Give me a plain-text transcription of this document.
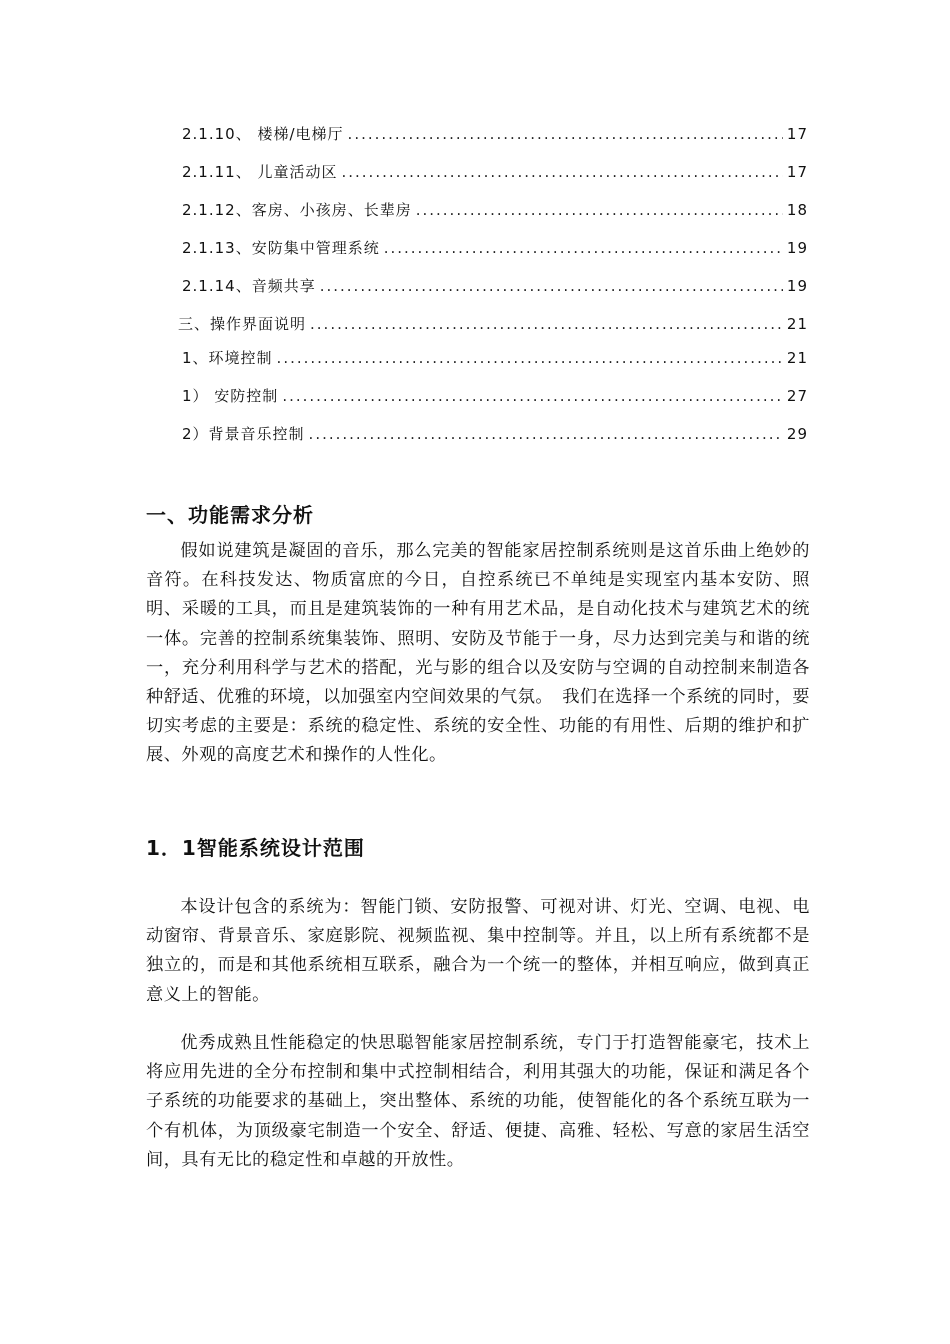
2.1.10、 楼梯/电梯厅 .....	17
2.1.11、 儿童活动区 .....	17
2.1.12、客房、小孩房、长辈房 .....	18
2.1.13、安防集中管理系统 .....	19
2.1.14、音频共享 .....	19
三、操作界面说明 .....	21
1、环境控制 .....	21
1） 安防控制 .....	27
2）背景音乐控制 .....	29
一、功能需求分析

假如说建筑是凝固的音乐，那么完美的智能家居控制系统则是这首乐曲上绝妙的音符。在科技发达、物质富庶的今日，自控系统已不单纯是实现室内基本安防、照明、采暖的工具，而且是建筑装饰的一种有用艺术品，是自动化技术与建筑艺术的统一体。完善的控制系统集装饰、照明、安防及节能于一身，尽力达到完美与和谐的统一，充分利用科学与艺术的搭配，光与影的组合以及安防与空调的自动控制来制造各种舒适、优雅的环境，以加强室内空间效果的气氛。　我们在选择一个系统的同时，要切实考虑的主要是：系统的稳定性、系统的安全性、功能的有用性、后期的维护和扩展、外观的高度艺术和操作的人性化。

1．1智能系统设计范围

本设计包含的系统为：智能门锁、安防报警、可视对讲、灯光、空调、电视、电动窗帘、背景音乐、家庭影院、视频监视、集中控制等。并且，以上所有系统都不是独立的，而是和其他系统相互联系，融合为一个统一的整体，并相互响应，做到真正意义上的智能。

优秀成熟且性能稳定的快思聪智能家居控制系统，专门于打造智能豪宅，技术上将应用先进的全分布控制和集中式控制相结合，利用其强大的功能，保证和满足各个子系统的功能要求的基础上，突出整体、系统的功能，使智能化的各个系统互联为一个有机体，为顶级豪宅制造一个安全、舒适、便捷、高雅、轻松、写意的家居生活空间，具有无比的稳定性和卓越的开放性。
